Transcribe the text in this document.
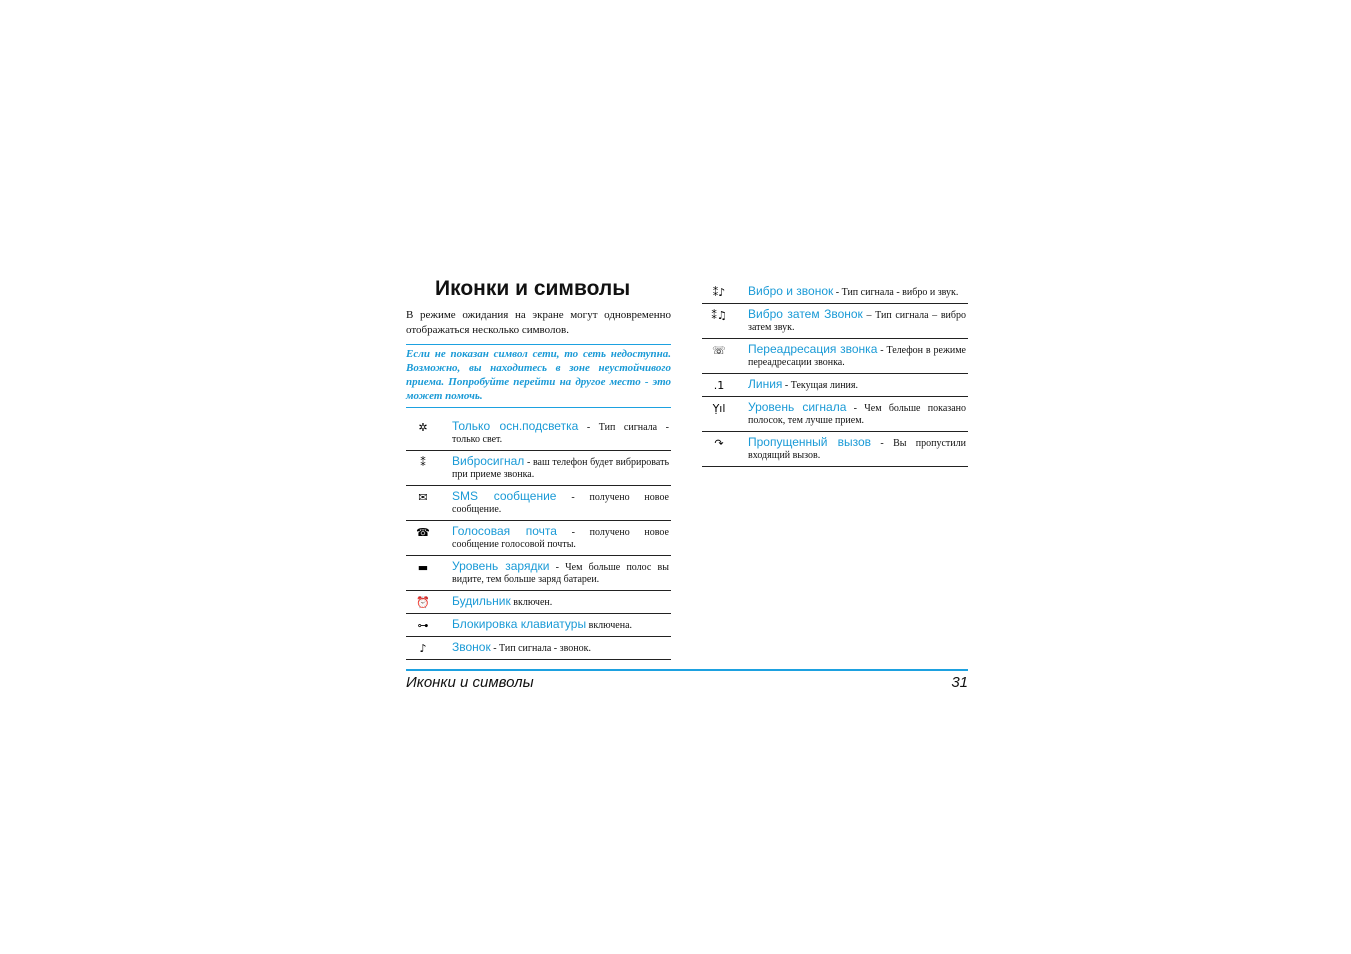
Иконки и символы
В режиме ожидания на экране могут одновременно отображаться несколько символов.
Если не показан символ сети, то сеть недоступна. Возможно, вы находитесь в зоне неустойчивого приема. Попробуйте перейти на другое место - это может помочь.
✲	Только осн.подсветка - Тип сигнала - только свет.
⁑	Вибросигнал - ваш телефон будет вибрировать при приеме звонка.
✉	SMS сообщение - получено новое сообщение.
☎	Голосовая почта - получено новое сообщение голосовой почты.
▬	Уровень зарядки - Чем больше полос вы видите, тем больше заряд батареи.
⏰	Будильник включен.
⊶	Блокировка клавиатуры включена.
♪	Звонок - Тип сигнала - звонок.
⁑♪	Вибро и звонок - Тип сигнала - вибро и звук.
⁑♫	Вибро затем Звонок – Тип сигнала – вибро затем звук.
☏	Переадресация звонка - Телефон в режиме переадресации звонка.
.1	Линия - Текущая линия.
Ỵıl	Уровень сигнала - Чем больше показано полосок, тем лучше прием.
↷	Пропущенный вызов - Вы пропустили входящий вызов.
Иконки и символы	31
